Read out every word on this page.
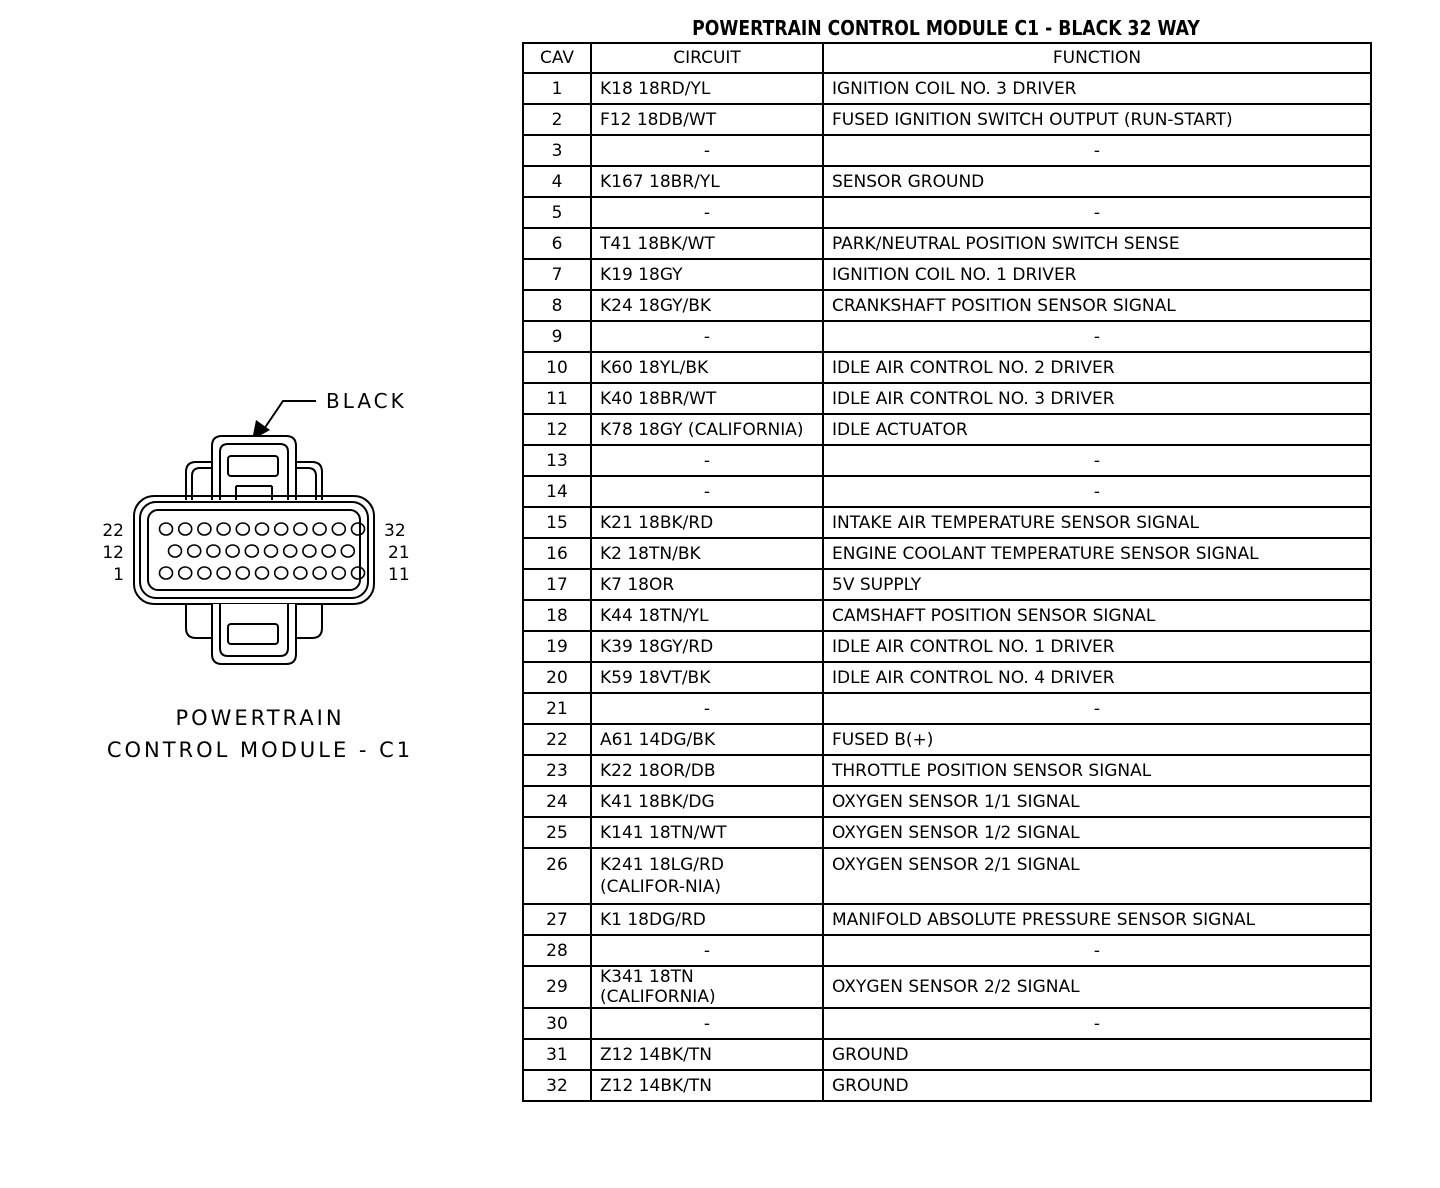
BLACK
22
12
1
32
21
11
POWERTRAIN
CONTROL MODULE - C1
POWERTRAIN CONTROL MODULE C1 - BLACK 32 WAY
CAV	CIRCUIT	FUNCTION
1	K18 18RD/YL	IGNITION COIL NO. 3 DRIVER
2	F12 18DB/WT	FUSED IGNITION SWITCH OUTPUT (RUN-START)
3	-	-
4	K167 18BR/YL	SENSOR GROUND
5	-	-
6	T41 18BK/WT	PARK/NEUTRAL POSITION SWITCH SENSE
7	K19 18GY	IGNITION COIL NO. 1 DRIVER
8	K24 18GY/BK	CRANKSHAFT POSITION SENSOR SIGNAL
9	-	-
10	K60 18YL/BK	IDLE AIR CONTROL NO. 2 DRIVER
11	K40 18BR/WT	IDLE AIR CONTROL NO. 3 DRIVER
12	K78 18GY (CALIFORNIA)	IDLE ACTUATOR
13	-	-
14	-	-
15	K21 18BK/RD	INTAKE AIR TEMPERATURE SENSOR SIGNAL
16	K2 18TN/BK	ENGINE COOLANT TEMPERATURE SENSOR SIGNAL
17	K7 18OR	5V SUPPLY
18	K44 18TN/YL	CAMSHAFT POSITION SENSOR SIGNAL
19	K39 18GY/RD	IDLE AIR CONTROL NO. 1 DRIVER
20	K59 18VT/BK	IDLE AIR CONTROL NO. 4 DRIVER
21	-	-
22	A61 14DG/BK	FUSED B(+)
23	K22 18OR/DB	THROTTLE POSITION SENSOR SIGNAL
24	K41 18BK/DG	OXYGEN SENSOR 1/1 SIGNAL
25	K141 18TN/WT	OXYGEN SENSOR 1/2 SIGNAL
26	K241 18LG/RD (CALIFOR-NIA)	OXYGEN SENSOR 2/1 SIGNAL
27	K1 18DG/RD	MANIFOLD ABSOLUTE PRESSURE SENSOR SIGNAL
28	-	-
29	K341 18TN (CALIFORNIA)	OXYGEN SENSOR 2/2 SIGNAL
30	-	-
31	Z12 14BK/TN	GROUND
32	Z12 14BK/TN	GROUND
